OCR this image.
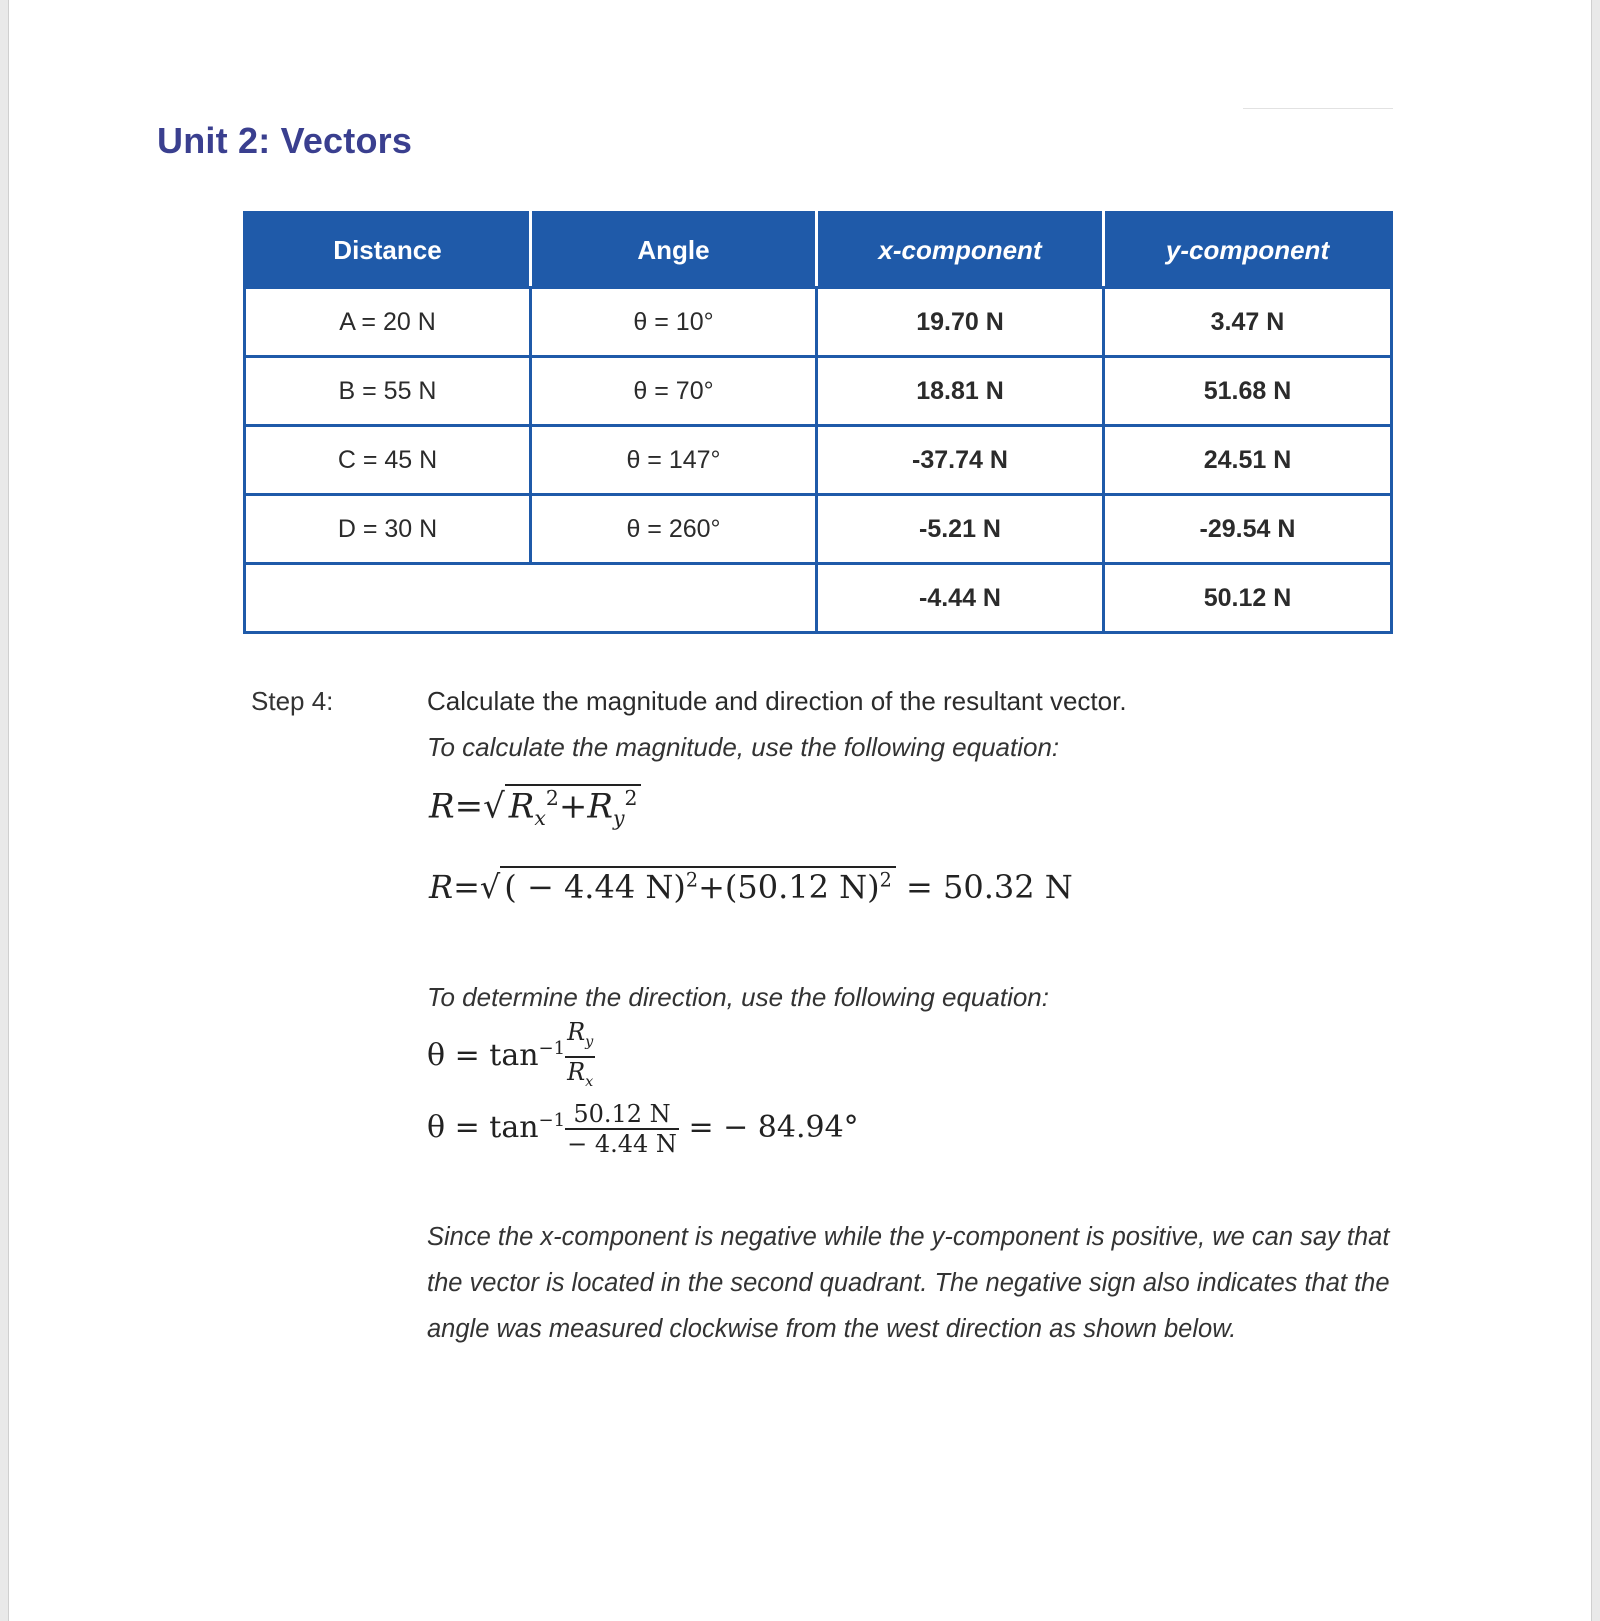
Unit 2: Vectors
Distance	Angle	x-component	y-component
A = 20 N	θ = 10°	19.70 N	3.47 N
B = 55 N	θ = 70°	18.81 N	51.68 N
C = 45 N	θ = 147°	-37.74 N	24.51 N
D = 30 N	θ = 260°	-5.21 N	-29.54 N
		-4.44 N	50.12 N
Step 4:	Calculate the magnitude and direction of the resultant vector.
To calculate the magnitude, use the following equation:
R=√ $R_x^2+R_y^2$
R=√ ( − 4.44 N)$^2$+(50.12 N)$^2$ = 50.32 N
To determine the direction, use the following equation:
$\theta = \tan^{-1} \frac{R_y}{R_x}$
$\theta = \tan^{-1} \frac{50.12 N}{- 4.44 N}$ = − 84.94°
Since the x-component is negative while the y-component is positive, we can say that the vector is located in the second quadrant. The negative sign also indicates that the angle was measured clockwise from the west direction as shown below.
